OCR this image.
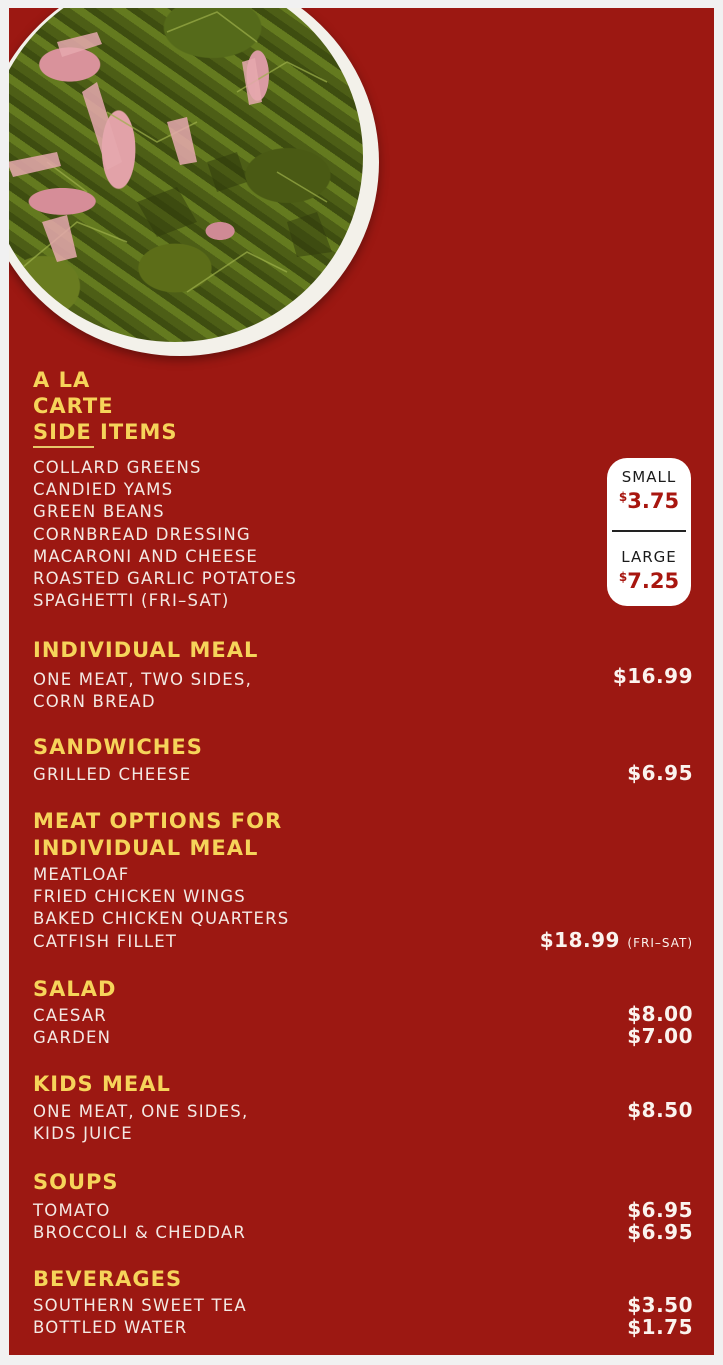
A LA
CARTE
SIDE ITEMS
COLLARD GREENS
CANDIED YAMS
GREEN BEANS
CORNBREAD DRESSING
MACARONI AND CHEESE
ROASTED GARLIC POTATOES
SPAGHETTI (FRI–SAT)
SMALL
$3.75
LARGE
$7.25
INDIVIDUAL MEAL
ONE MEAT, TWO SIDES,
CORN BREAD
$16.99
SANDWICHES
GRILLED CHEESE	$6.95
MEAT OPTIONS FOR
INDIVIDUAL MEAL
MEATLOAF
FRIED CHICKEN WINGS
BAKED CHICKEN QUARTERS
CATFISH FILLET	$18.99 (FRI–SAT)
SALAD
CAESAR
GARDEN
$8.00
$7.00
KIDS MEAL
ONE MEAT, ONE SIDES,
KIDS JUICE
$8.50
SOUPS
TOMATO
BROCCOLI & CHEDDAR
$6.95
$6.95
BEVERAGES
SOUTHERN SWEET TEA
BOTTLED WATER
$3.50
$1.75
